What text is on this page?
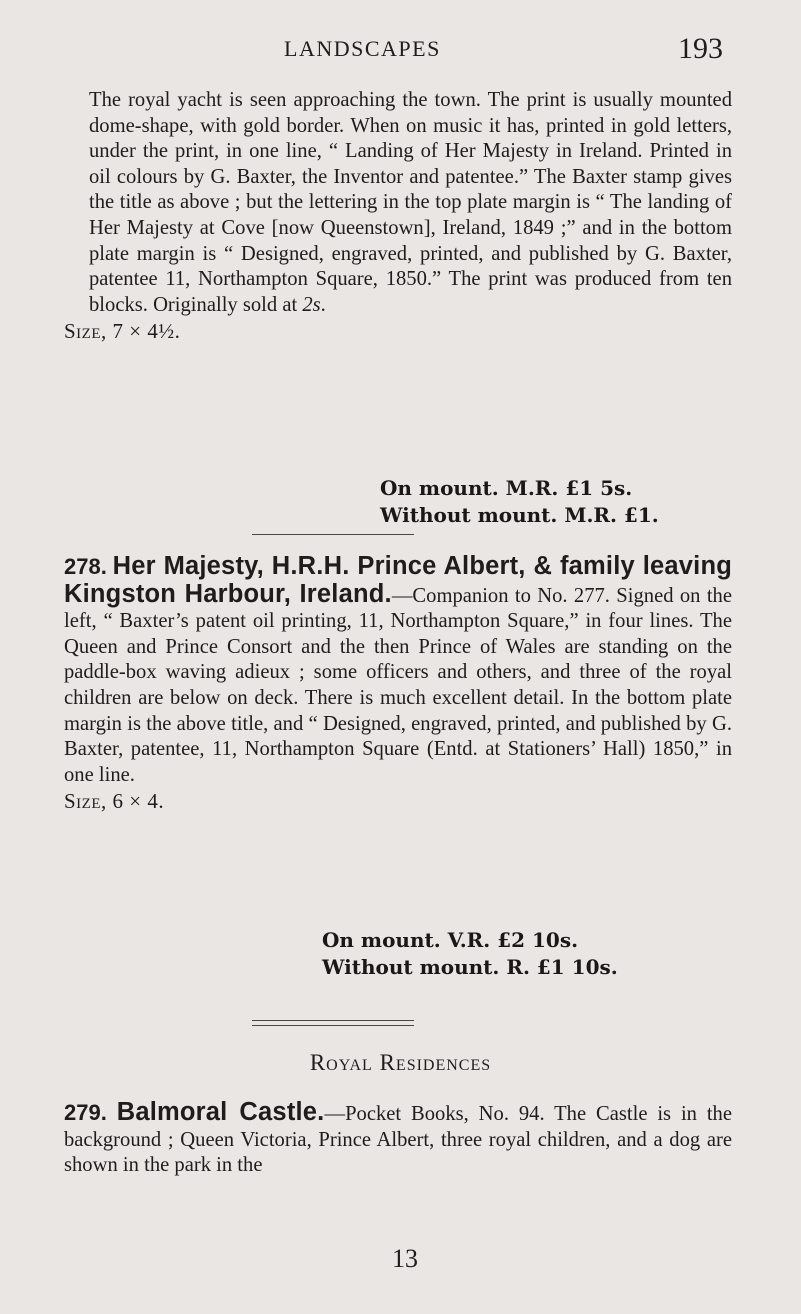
LANDSCAPES	193

The royal yacht is seen approaching the town. The print is usually mounted dome-shape, with gold border. When on music it has, printed in gold letters, under the print, in one line, “ Landing of Her Majesty in Ireland. Printed in oil colours by G. Baxter, the Inventor and patentee.” The Baxter stamp gives the title as above ; but the lettering in the top plate margin is “ The landing of Her Majesty at Cove [now Queenstown], Ireland, 1849 ;” and in the bottom plate margin is “ Designed, engraved, printed, and published by G. Baxter, patentee 11, Northampton Square, 1850.” The print was produced from ten blocks. Originally sold at 2s.

Size, 7 × 4½.
On mount. M.R. £1 5s.
Without mount. M.R. £1.

278. Her Majesty, H.R.H. Prince Albert, & family leaving Kingston Harbour, Ireland.—Companion to No. 277. Signed on the left, “ Baxter’s patent oil printing, 11, Northampton Square,” in four lines. The Queen and Prince Consort and the then Prince of Wales are standing on the paddle-box waving adieux ; some officers and others, and three of the royal children are below on deck. There is much excellent detail. In the bottom plate margin is the above title, and “ Designed, engraved, printed, and published by G. Baxter, patentee, 11, Northampton Square (Entd. at Stationers’ Hall) 1850,” in one line.

Size, 6 × 4.
On mount. V.R. £2 10s.
Without mount. R. £1 10s.
Royal Residences

279. Balmoral Castle.—Pocket Books, No. 94. The Castle is in the background ; Queen Victoria, Prince Albert, three royal children, and a dog are shown in the park in the

13
